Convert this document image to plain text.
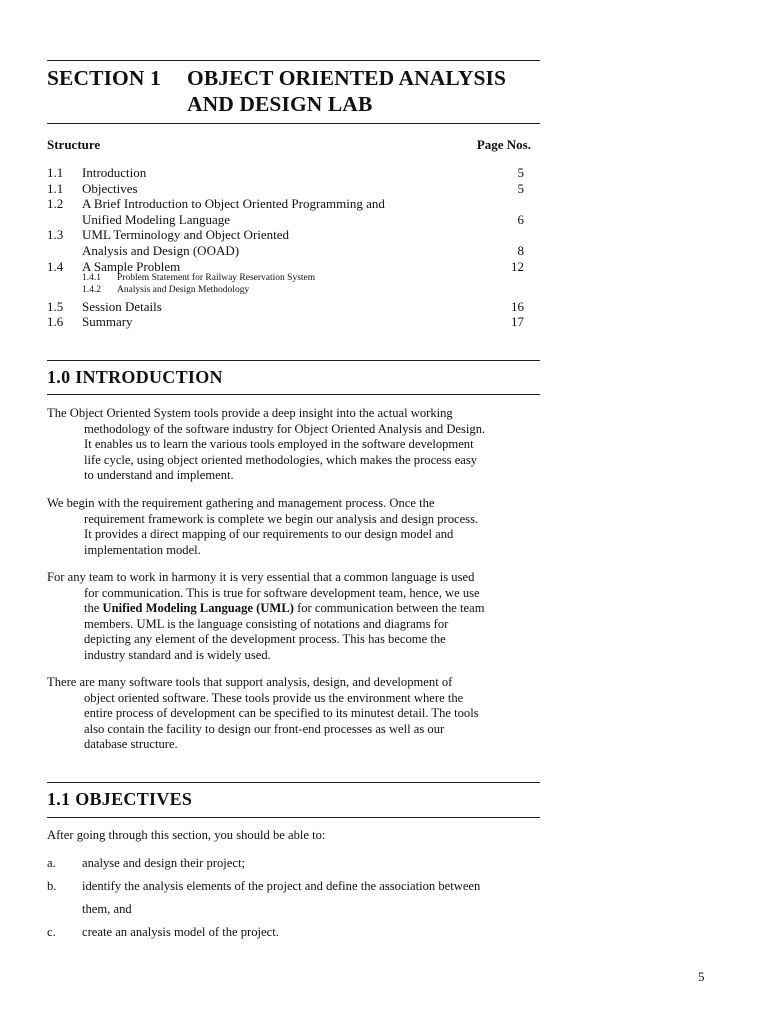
SECTION 1 OBJECT ORIENTED ANALYSIS
AND DESIGN LAB
Structure	Page Nos.
1.1 Introduction	5
1.1 Objectives	5
1.2 A Brief Introduction to Object Oriented Programming and
Unified Modeling Language	6
1.3 UML Terminology and Object Oriented
Analysis and Design (OOAD)	8
1.4 A Sample Problem	12
1.4.1 Problem Statement for Railway Reservation System
1.4.2 Analysis and Design Methodology
1.5 Session Details	16
1.6 Summary	17
1.0 INTRODUCTION
The Object Oriented System tools provide a deep insight into the actual working
methodology of the software industry for Object Oriented Analysis and Design.
It enables us to learn the various tools employed in the software development
life cycle, using object oriented methodologies, which makes the process easy
to understand and implement.
We begin with the requirement gathering and management process. Once the
requirement framework is complete we begin our analysis and design process.
It provides a direct mapping of our requirements to our design model and
implementation model.
For any team to work in harmony it is very essential that a common language is used
for communication. This is true for software development team, hence, we use
the Unified Modeling Language (UML) for communication between the team
members. UML is the language consisting of notations and diagrams for
depicting any element of the development process. This has become the
industry standard and is widely used.
There are many software tools that support analysis, design, and development of
object oriented software. These tools provide us the environment where the
entire process of development can be specified to its minutest detail. The tools
also contain the facility to design our front-end processes as well as our
database structure.
1.1 OBJECTIVES
After going through this section, you should be able to:
a. analyse and design their project;
b. identify the analysis elements of the project and define the association between
them, and
c. create an analysis model of the project.
5
